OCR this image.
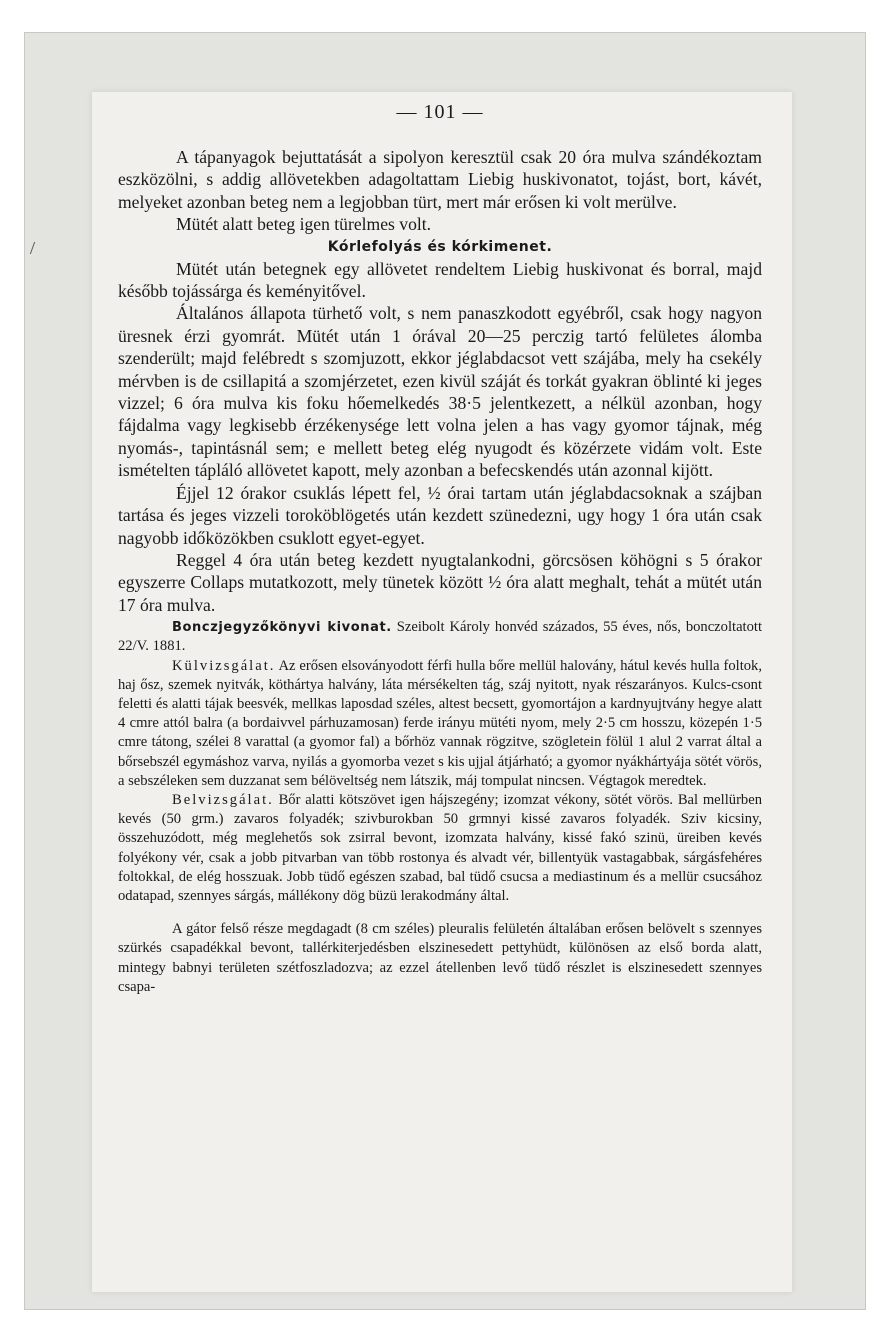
— 101 —

A tápanyagok bejuttatását a sipolyon keresztül csak 20 óra mulva szándékoztam eszközölni, s addig allövetekben adagoltattam Liebig huskivonatot, tojást, bort, kávét, melyeket azonban beteg nem a legjobban türt, mert már erősen ki volt merülve.

Mütét alatt beteg igen türelmes volt.

Kórlefolyás és kórkimenet.

Mütét után betegnek egy allövetet rendeltem Liebig huskivonat és borral, majd később tojássárga és keményitővel.

Általános állapota türhető volt, s nem panaszkodott egyébről, csak hogy nagyon üresnek érzi gyomrát. Mütét után 1 órával 20—25 perczig tartó felületes álomba szenderült; majd felébredt s szomjuzott, ekkor jéglabdacsot vett szájába, mely ha csekély mérvben is de csillapitá a szomjérzetet, ezen kivül száját és torkát gyakran öblinté ki jeges vizzel; 6 óra mulva kis foku hőemelkedés 38·5 jelentkezett, a nélkül azonban, hogy fájdalma vagy legkisebb érzékenysége lett volna jelen a has vagy gyomor tájnak, még nyomás-, tapintásnál sem; e mellett beteg elég nyugodt és közérzete vidám volt. Este ismételten tápláló allövetet kapott, mely azonban a befecskendés után azonnal kijött.

Éjjel 12 órakor csuklás lépett fel, ½ órai tartam után jéglabdacsoknak a szájban tartása és jeges vizzeli toroköblögetés után kezdett szünedezni, ugy hogy 1 óra után csak nagyobb időközökben csuklott egyet-egyet.

Reggel 4 óra után beteg kezdett nyugtalankodni, görcsösen köhögni s 5 órakor egyszerre Collaps mutatkozott, mely tünetek között ½ óra alatt meghalt, tehát a mütét után 17 óra mulva.

Bonczjegyzőkönyvi kivonat. Szeibolt Károly honvéd százados, 55 éves, nős, bonczoltatott 22/V. 1881.

Külvizsgálat. Az erősen elsoványodott férfi hulla bőre mellül halovány, hátul kevés hulla foltok, haj ősz, szemek nyitvák, köthártya halvány, láta mérsékelten tág, száj nyitott, nyak részarányos. Kulcs-csont feletti és alatti tájak beesvék, mellkas laposdad széles, altest becsett, gyomortájon a kardnyujtvány hegye alatt 4 cmre attól balra (a bordaivvel párhuzamosan) ferde irányu mütéti nyom, mely 2·5 cm hosszu, közepén 1·5 cmre tátong, szélei 8 varattal (a gyomor fal) a bőrhöz vannak rögzitve, szögletein fölül 1 alul 2 varrat által a bőrsebszél egymáshoz varva, nyilás a gyomorba vezet s kis ujjal átjárható; a gyomor nyákhártyája sötét vörös, a sebszéleken sem duzzanat sem bélöveltség nem látszik, máj tompulat nincsen. Végtagok meredtek.

Belvizsgálat. Bőr alatti kötszövet igen hájszegény; izomzat vékony, sötét vörös. Bal mellürben kevés (50 grm.) zavaros folyadék; szivburokban 50 grmnyi kissé zavaros folyadék. Sziv kicsiny, összehuzódott, még meglehetős sok zsirral bevont, izomzata halvány, kissé fakó szinü, üreiben kevés folyékony vér, csak a jobb pitvarban van több rostonya és alvadt vér, billentyük vastagabbak, sárgásfehéres foltokkal, de elég hosszuak. Jobb tüdő egészen szabad, bal tüdő csucsa a mediastinum és a mellür csucsához odatapad, szennyes sárgás, mállékony dög büzü lerakodmány által.

A gátor felső része megdagadt (8 cm széles) pleuralis felületén általában erősen belövelt s szennyes szürkés csapadékkal bevont, tallérkiterjedésben elszinesedett pettyhüdt, különösen az első borda alatt, mintegy babnyi területen szétfoszladozva; az ezzel átellenben levő tüdő részlet is elszinesedett szennyes csapa-
